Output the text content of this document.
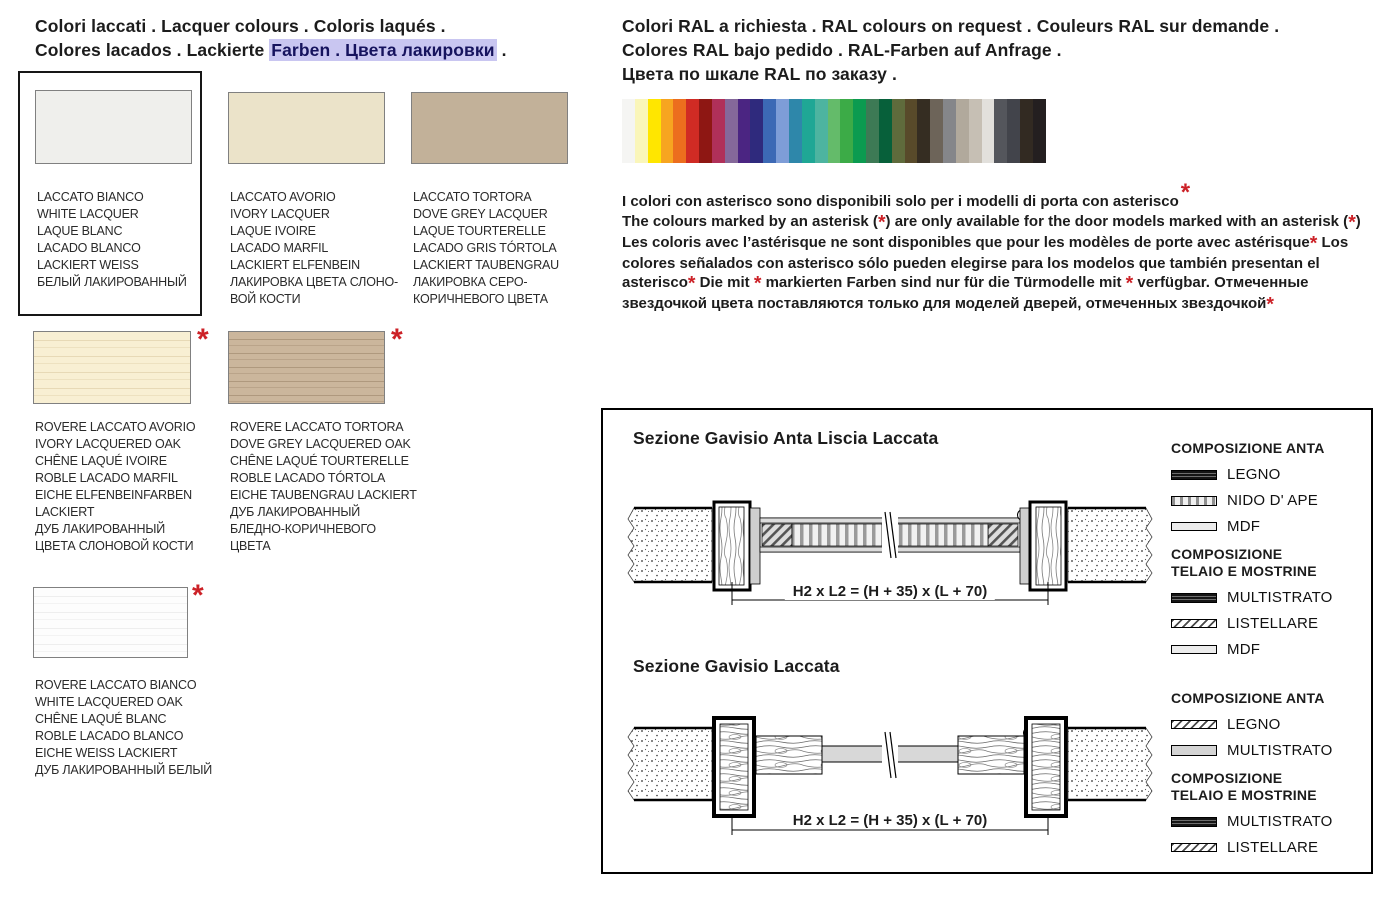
Colori laccati . Lacquer colours . Coloris laqués .
Colores lacados . Lackierte Farben . Цвета лакировки .
LACCATO BIANCO
WHITE LACQUER
LAQUE BLANC
LACADO BLANCO
LACKIERT WEISS
БЕЛЫЙ ЛАКИРОВАННЫЙ
LACCATO AVORIO
IVORY LACQUER
LAQUE IVOIRE
LACADO MARFIL
LACKIERT ELFENBEIN
ЛАКИРОВКА ЦВЕТА СЛОНО-
ВОЙ КОСТИ
LACCATO TORTORA
DOVE GREY LACQUER
LAQUE TOURTERELLE
LACADO GRIS TÓRTOLA
LACKIERT TAUBENGRAU
ЛАКИРОВКА СЕРО-
КОРИЧНЕВОГО ЦВЕТА
*
ROVERE LACCATO AVORIO
IVORY LACQUERED OAK
CHÊNE LAQUÉ IVOIRE
ROBLE LACADO MARFIL
EICHE ELFENBEINFARBEN
LACKIERT
ДУБ ЛАКИРОВАННЫЙ
ЦВЕТА СЛОНОВОЙ КОСТИ
*
ROVERE LACCATO TORTORA
DOVE GREY LACQUERED OAK
CHÊNE LAQUÉ TOURTERELLE
ROBLE LACADO TÓRTOLA
EICHE TAUBENGRAU LACKIERT
ДУБ ЛАКИРОВАННЫЙ
БЛЕДНО-КОРИЧНЕВОГО
ЦВЕТА
*
ROVERE LACCATO BIANCO
WHITE LACQUERED OAK
CHÊNE LAQUÉ BLANC
ROBLE LACADO BLANCO
EICHE WEISS LACKIERT
ДУБ ЛАКИРОВАННЫЙ БЕЛЫЙ
Colori RAL a richiesta . RAL colours on request . Couleurs RAL sur demande .
Colores RAL bajo pedido . RAL-Farben auf Anfrage .
Цвета по шкале RAL по заказу .
I colori con asterisco sono disponibili solo per i modelli di porta con asterisco*
The colours marked by an asterisk (*) are only available for the door models marked with an asterisk (*) Les coloris avec l’astérisque ne sont disponibles que pour les modèles de porte avec astérisque* Los colores señalados con asterisco sólo pueden elegirse para los modelos que también presentan el asterisco* Die mit * markierten Farben sind nur für die Türmodelle mit * verfügbar. Отмеченные звездочкой цвета поставляются только для моделей дверей, отмеченных звездочкой*
Sezione Gavisio Anta Liscia Laccata
Sezione Gavisio Laccata
H2 x L2 = (H + 35) x (L + 70)
H2 x L2 = (H + 35) x (L + 70)
COMPOSIZIONE ANTA
LEGNO
NIDO D' APE
MDF
COMPOSIZIONE
TELAIO E MOSTRINE
MULTISTRATO
LISTELLARE
MDF
COMPOSIZIONE ANTA
LEGNO
MULTISTRATO
COMPOSIZIONE
TELAIO E MOSTRINE
MULTISTRATO
LISTELLARE
